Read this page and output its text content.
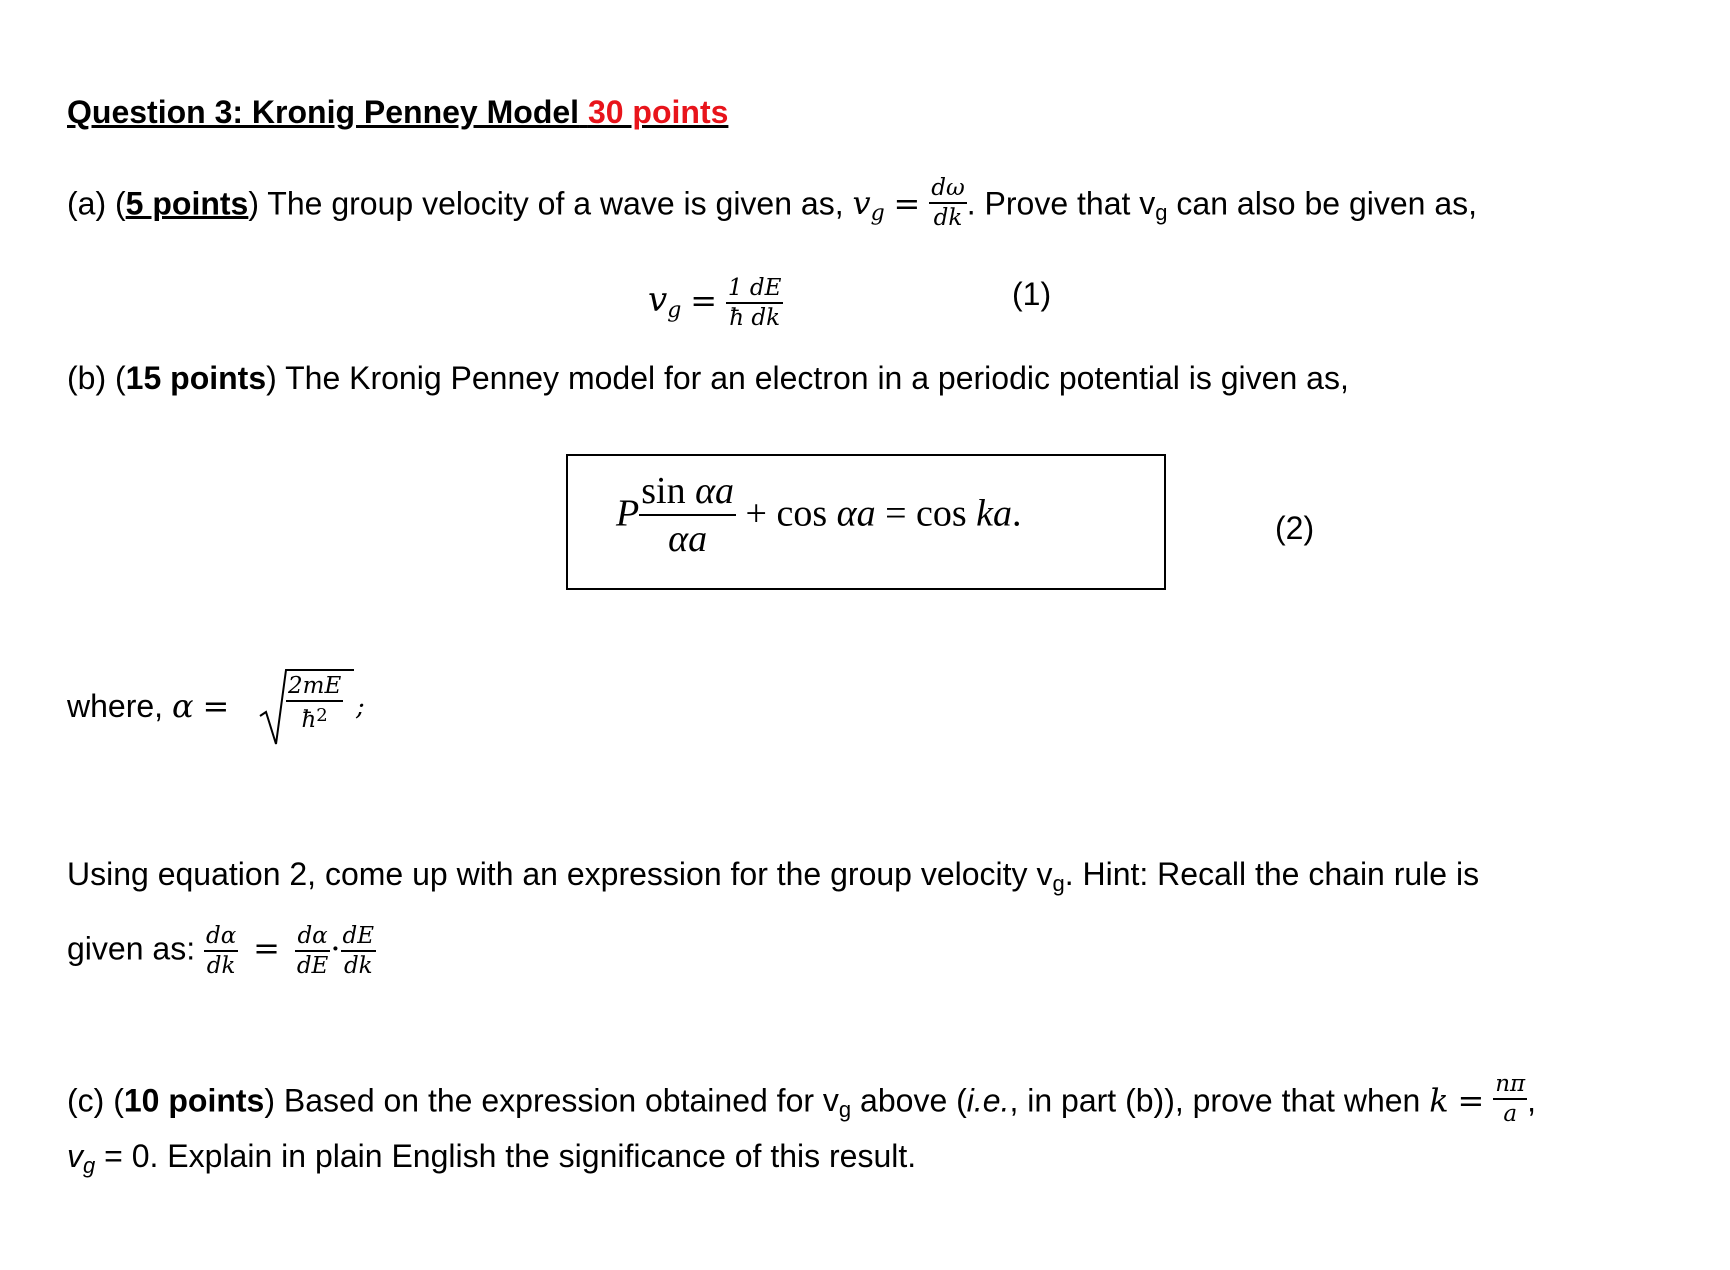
Question 3: Kronig Penney Model 30 points
(a) (5 points) The group velocity of a wave is given as, $v_g = \frac{d\omega}{dk}$ . Prove that $v_g$ can also be given as,
$v_g = \frac{1 dE}{\text{ħ dk}}$	(1)
(b) (15 points) The Kronig Penney model for an electron in a periodic potential is given as,
P $\frac{\text{sin αa}}{\alpha a} + \cos \alpha a = \cos$ ka.	(2)
where, $\alpha = \frac{2mE}{ħ^2}$ ;
Using equation 2, come up with an expression for the group velocity $v_g$. Hint: Recall the chain rule is
given as: $\frac{d\alpha}{dk} = \frac{d\alpha}{dE} \cdot \frac{dE}{dk}$
(c) (10 points) Based on the expression obtained for $v_g$ above (i.e., in part (b)), prove that when $k = \frac{n\pi}{a}$ ,
$v_g = 0$. Explain in plain English the significance of this result.
